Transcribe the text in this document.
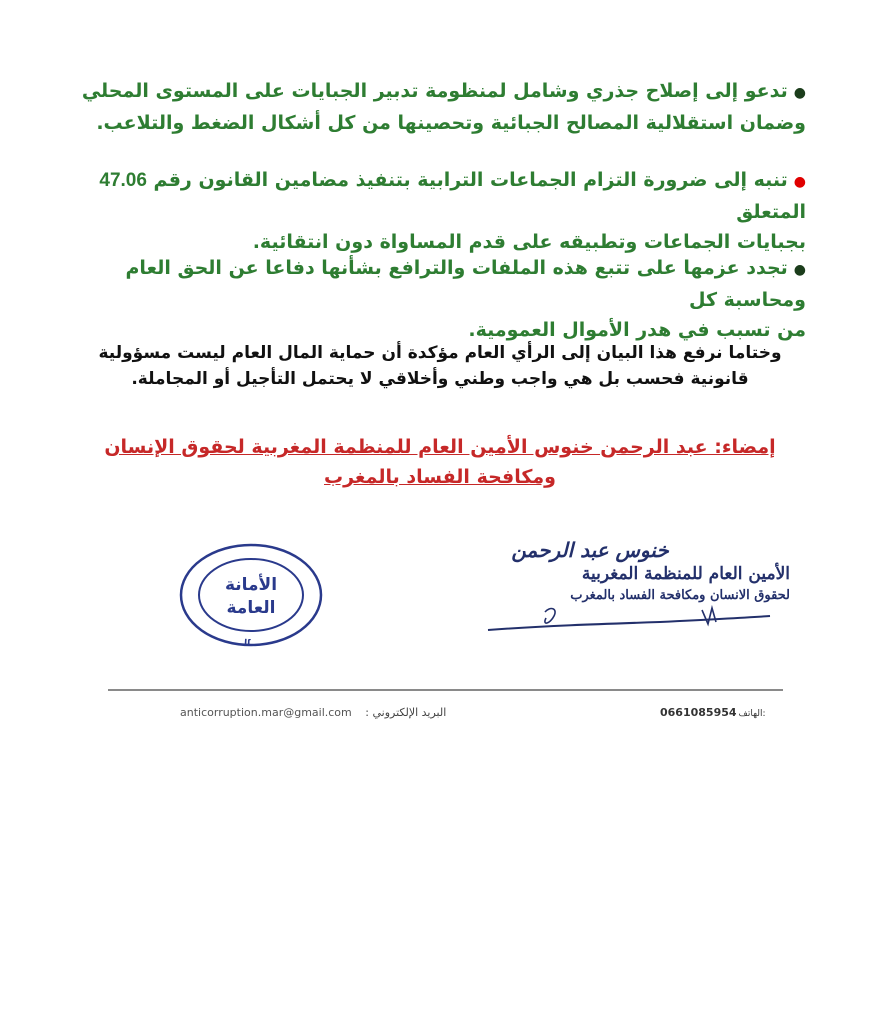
●تدعو إلى إصلاح جذري وشامل لمنظومة تدبير الجبايات على المستوى المحلي
وضمان استقلالية المصالح الجبائية وتحصينها من كل أشكال الضغط والتلاعب.
●تنبه إلى ضرورة التزام الجماعات الترابية بتنفيذ مضامين القانون رقم 47.06 المتعلق
بجبايات الجماعات وتطبيقه على قدم المساواة دون انتقائية.
●تجدد عزمها على تتبع هذه الملفات والترافع بشأنها دفاعا عن الحق العام ومحاسبة كل
من تسبب في هدر الأموال العمومية.
وختاما نرفع هذا البيان إلى الرأي العام مؤكدة أن حماية المال العام ليست مسؤولية
قانونية فحسب بل هي واجب وطني وأخلاقي لا يحتمل التأجيل أو المجاملة.
إمضاء: عبد الرحمن خنوس الأمين العام للمنظمة المغربية لحقوق الإنسان
ومكافحة الفساد بالمغرب
ال
الأمانة
العامة
خنوس عبد الرحمن
الأمين العام للمنظمة المغربية
لحقوق الانسان ومكافحة الفساد بالمغرب
anticorruption.mar@gmail.com البريد الإلكتروني :	0661085954 الهاتف:
